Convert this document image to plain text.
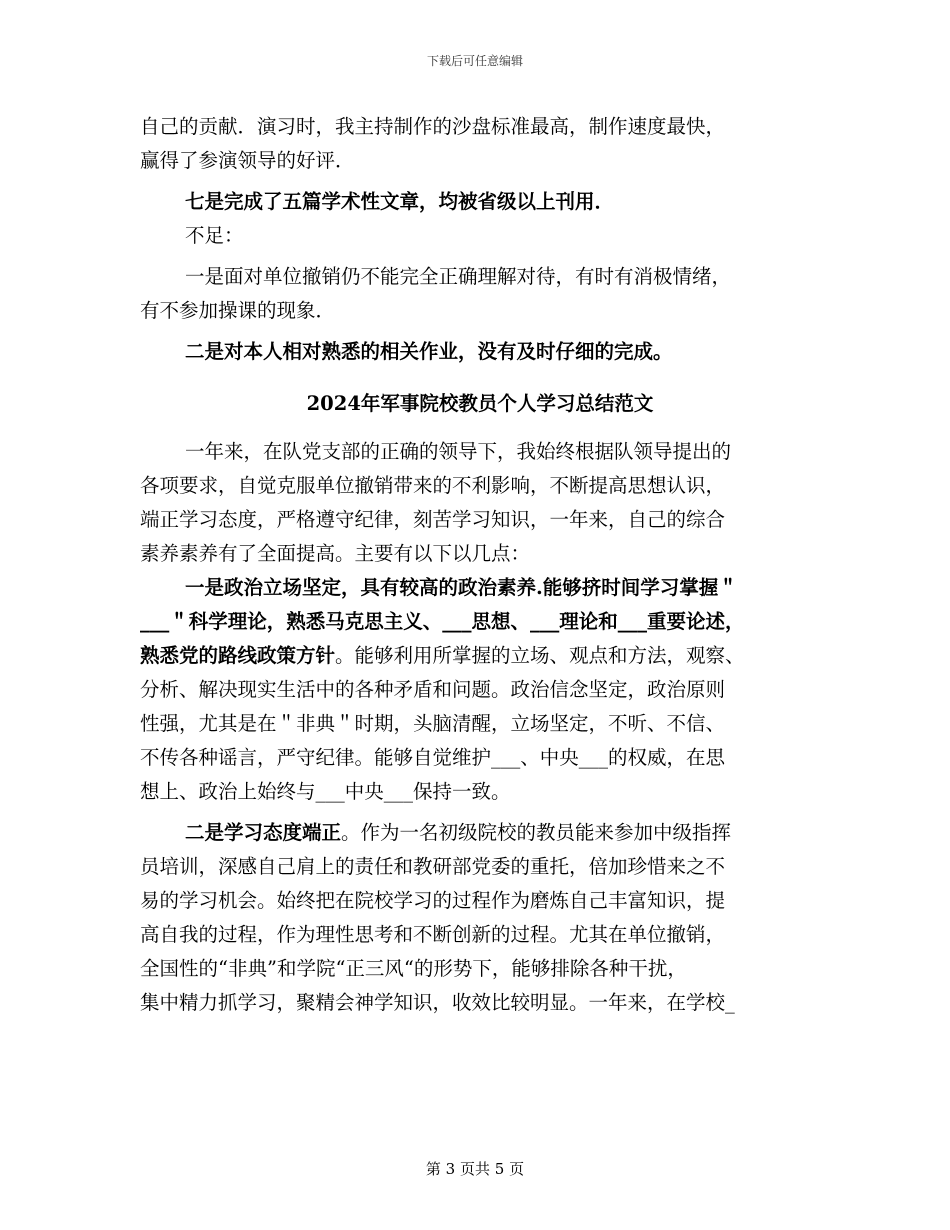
下载后可任意编辑

自己的贡献．演习时，我主持制作的沙盘标准最高，制作速度最快，

赢得了参演领导的好评．

七是完成了五篇学术性文章，均被省级以上刊用．

不足：

一是面对单位撤销仍不能完全正确理解对待，有时有消极情绪，

有不参加操课的现象．

二是对本人相对熟悉的相关作业，没有及时仔细的完成。

2024年军事院校教员个人学习总结范文

一年来，在队党支部的正确的领导下，我始终根据队领导提出的

各项要求，自觉克服单位撤销带来的不利影响，不断提高思想认识，

端正学习态度，严格遵守纪律，刻苦学习知识，一年来，自己的综合

素养素养有了全面提高。主要有以下以几点：

一是政治立场坚定，具有较高的政治素养.能够挤时间学习掌握＂

___＂科学理论，熟悉马克思主义、___思想、___理论和___重要论述，

熟悉党的路线政策方针。能够利用所掌握的立场、观点和方法，观察、

分析、解决现实生活中的各种矛盾和问题。政治信念坚定，政治原则

性强，尤其是在＂非典＂时期，头脑清醒，立场坚定，不听、不信、

不传各种谣言，严守纪律。能够自觉维护___、中央___的权威，在思

想上、政治上始终与___中央___保持一致。

二是学习态度端正。作为一名初级院校的教员能来参加中级指挥

员培训，深感自己肩上的责任和教研部党委的重托，倍加珍惜来之不

易的学习机会。始终把在院校学习的过程作为磨炼自己丰富知识，提

高自我的过程，作为理性思考和不断创新的过程。尤其在单位撤销，

全国性的“非典”和学院“正三风“的形势下，能够排除各种干扰，

集中精力抓学习，聚精会神学知识，收效比较明显。一年来，在学校_

第 3 页共 5 页
